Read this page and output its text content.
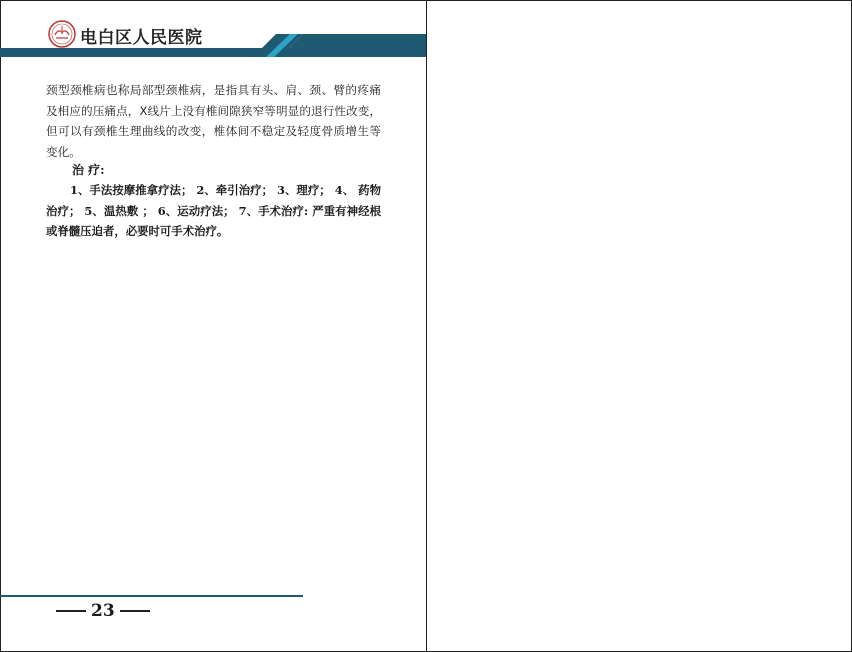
电白区人民医院

颈型颈椎病也称局部型颈椎病，是指具有头、肩、颈、臂的疼痛及相应的压痛点，X线片上没有椎间隙狭窄等明显的退行性改变，但可以有颈椎生理曲线的改变，椎体间不稳定及轻度骨质增生等变化。

治 疗:

1、手法按摩推拿疗法； 2、牵引治疗； 3、理疗； 4、 药物治疗； 5、温热敷 ； 6、运动疗法； 7、手术治疗: 严重有神经根或脊髓压迫者，必要时可手术治疗。

23
